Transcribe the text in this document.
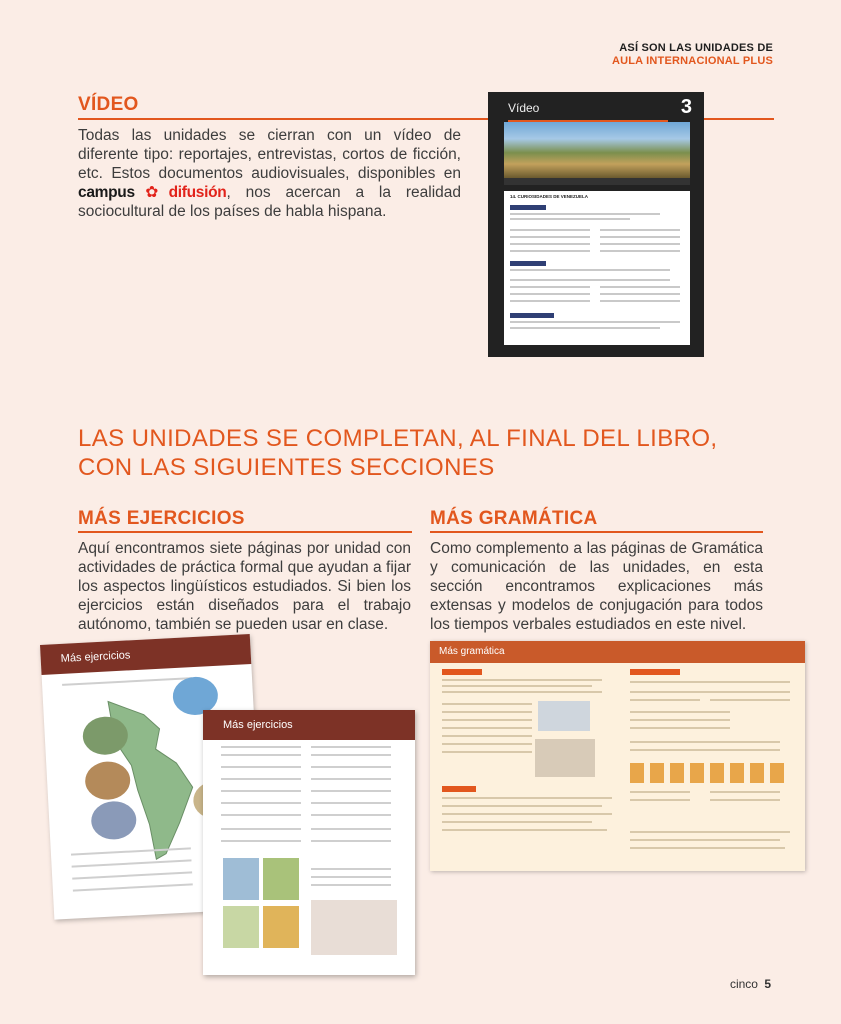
ASÍ SON LAS UNIDADES DE
AULA INTERNACIONAL PLUS
VÍDEO
Todas las unidades se cierran con un vídeo de diferente tipo: reportajes, entrevistas, cortos de ficción, etc. Estos documentos audiovisuales, disponibles en campus✿difusión, nos acercan a la realidad sociocultural de los países de habla hispana.
Vídeo	3
14. CURIOSIDADES DE VENEZUELA
LAS UNIDADES SE COMPLETAN, AL FINAL DEL LIBRO,
CON LAS SIGUIENTES SECCIONES
MÁS EJERCICIOS
Aquí encontramos siete páginas por unidad con actividades de práctica formal que ayudan a fijar los aspectos lingüísticos estudiados. Si bien los ejercicios están diseñados para el trabajo autónomo, también se pueden usar en clase.
MÁS GRAMÁTICA
Como complemento a las páginas de Gramática y comunicación de las unidades, en esta sección encontramos explicaciones más extensas y modelos de conjugación para todos los tiempos verbales estudiados en este nivel.
Más ejercicios
Más ejercicios
Más gramática
cinco 5
